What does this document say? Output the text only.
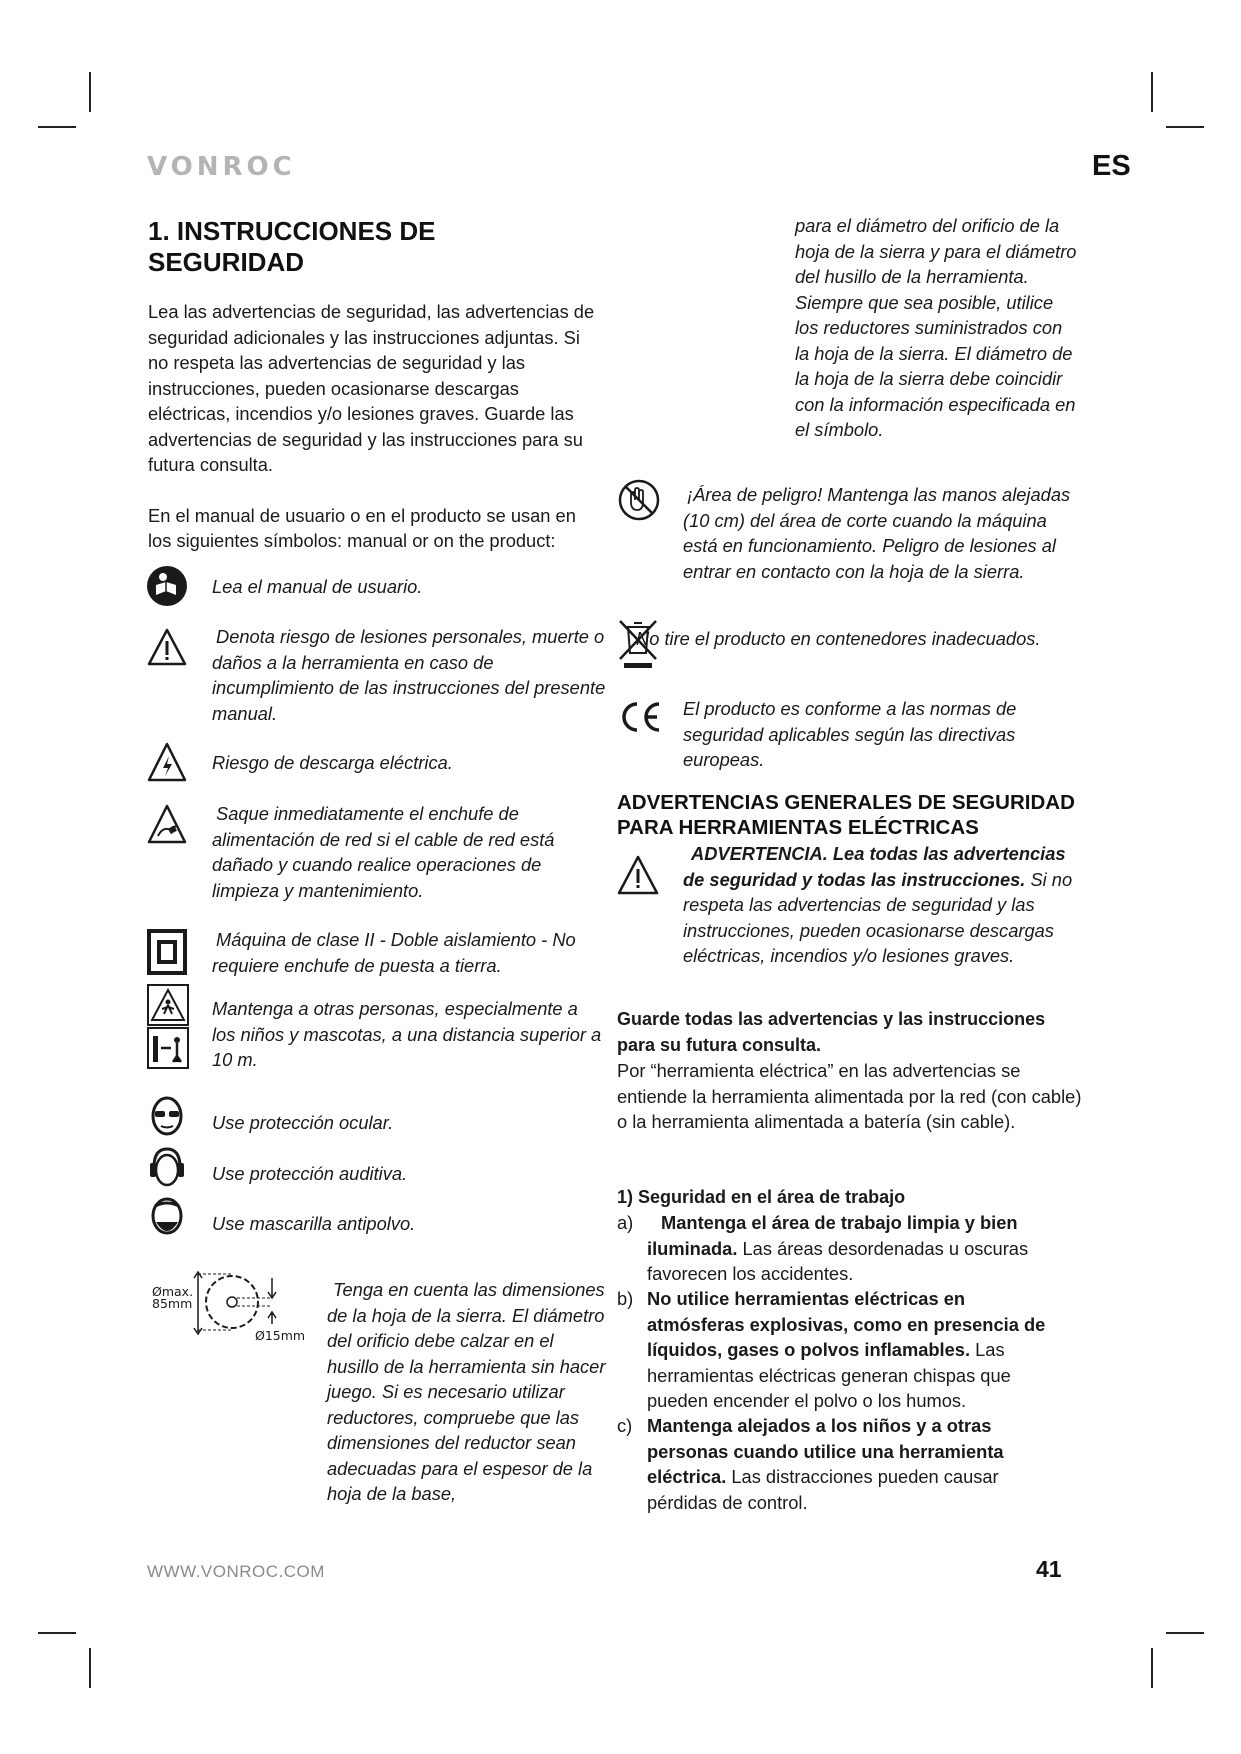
VONROC	ES
1. INSTRUCCIONES DE SEGURIDAD

Lea las advertencias de seguridad, las advertencias de seguridad adicionales y las instrucciones adjuntas. Si no respeta las advertencias de seguridad y las instrucciones, pueden ocasionarse descargas eléctricas, incendios y/o lesiones graves. Guarde las advertencias de seguridad y las instrucciones para su futura consulta.

En el manual de usuario o en el producto se usan en los siguientes símbolos: manual or on the product:

Lea el manual de usuario.
Denota riesgo de lesiones personales, muerte o daños a la herramienta en caso de incumplimiento de las instrucciones del presente manual.
Riesgo de descarga eléctrica.
Saque inmediatamente el enchufe de alimentación de red si el cable de red está dañado y cuando realice operaciones de limpieza y mantenimiento.
Máquina de clase II - Doble aislamiento - No requiere enchufe de puesta a tierra.
Mantenga a otras personas, especialmente a los niños y mascotas, a una distancia superior a 10 m.
Use protección ocular.
Use protección auditiva.
Use mascarilla antipolvo.
Ømax.
85mm
Ø15mm
Tenga en cuenta las dimensiones de la hoja de la sierra. El diámetro del orificio debe calzar en el husillo de la herramienta sin hacer juego. Si es necesario utilizar reductores, compruebe que las dimensiones del reductor sean adecuadas para el espesor de la hoja de la base,
para el diámetro del orificio de la hoja de la sierra y para el diámetro del husillo de la herramienta. Siempre que sea posible, utilice los reductores suministrados con la hoja de la sierra. El diámetro de la hoja de la sierra debe coincidir con la información especificada en el símbolo.
¡Área de peligro! Mantenga las manos alejadas (10 cm) del área de corte cuando la máquina está en funcionamiento. Peligro de lesiones al entrar en contacto con la hoja de la sierra.
No tire el producto en contenedores inadecuados.
El producto es conforme a las normas de seguridad aplicables según las directivas europeas.
ADVERTENCIAS GENERALES DE SEGURIDAD PARA HERRAMIENTAS ELÉCTRICAS
ADVERTENCIA. Lea todas las advertencias de seguridad y todas las instrucciones. Si no respeta las advertencias de seguridad y las instrucciones, pueden ocasionarse descargas eléctricas, incendios y/o lesiones graves.
Guarde todas las advertencias y las instrucciones para su futura consulta.
Por “herramienta eléctrica” en las advertencias se entiende la herramienta alimentada por la red (con cable) o la herramienta alimentada a batería (sin cable).
1) Seguridad en el área de trabajo
a)	Mantenga el área de trabajo limpia y bien iluminada. Las áreas desordenadas u oscuras favorecen los accidentes.
b) No utilice herramientas eléctricas en atmósferas explosivas, como en presencia de líquidos, gases o polvos inflamables. Las herramientas eléctricas generan chispas que pueden encender el polvo o los humos.
c) Mantenga alejados a los niños y a otras personas cuando utilice una herramienta eléctrica. Las distracciones pueden causar pérdidas de control.
WWW.VONROC.COM	41
